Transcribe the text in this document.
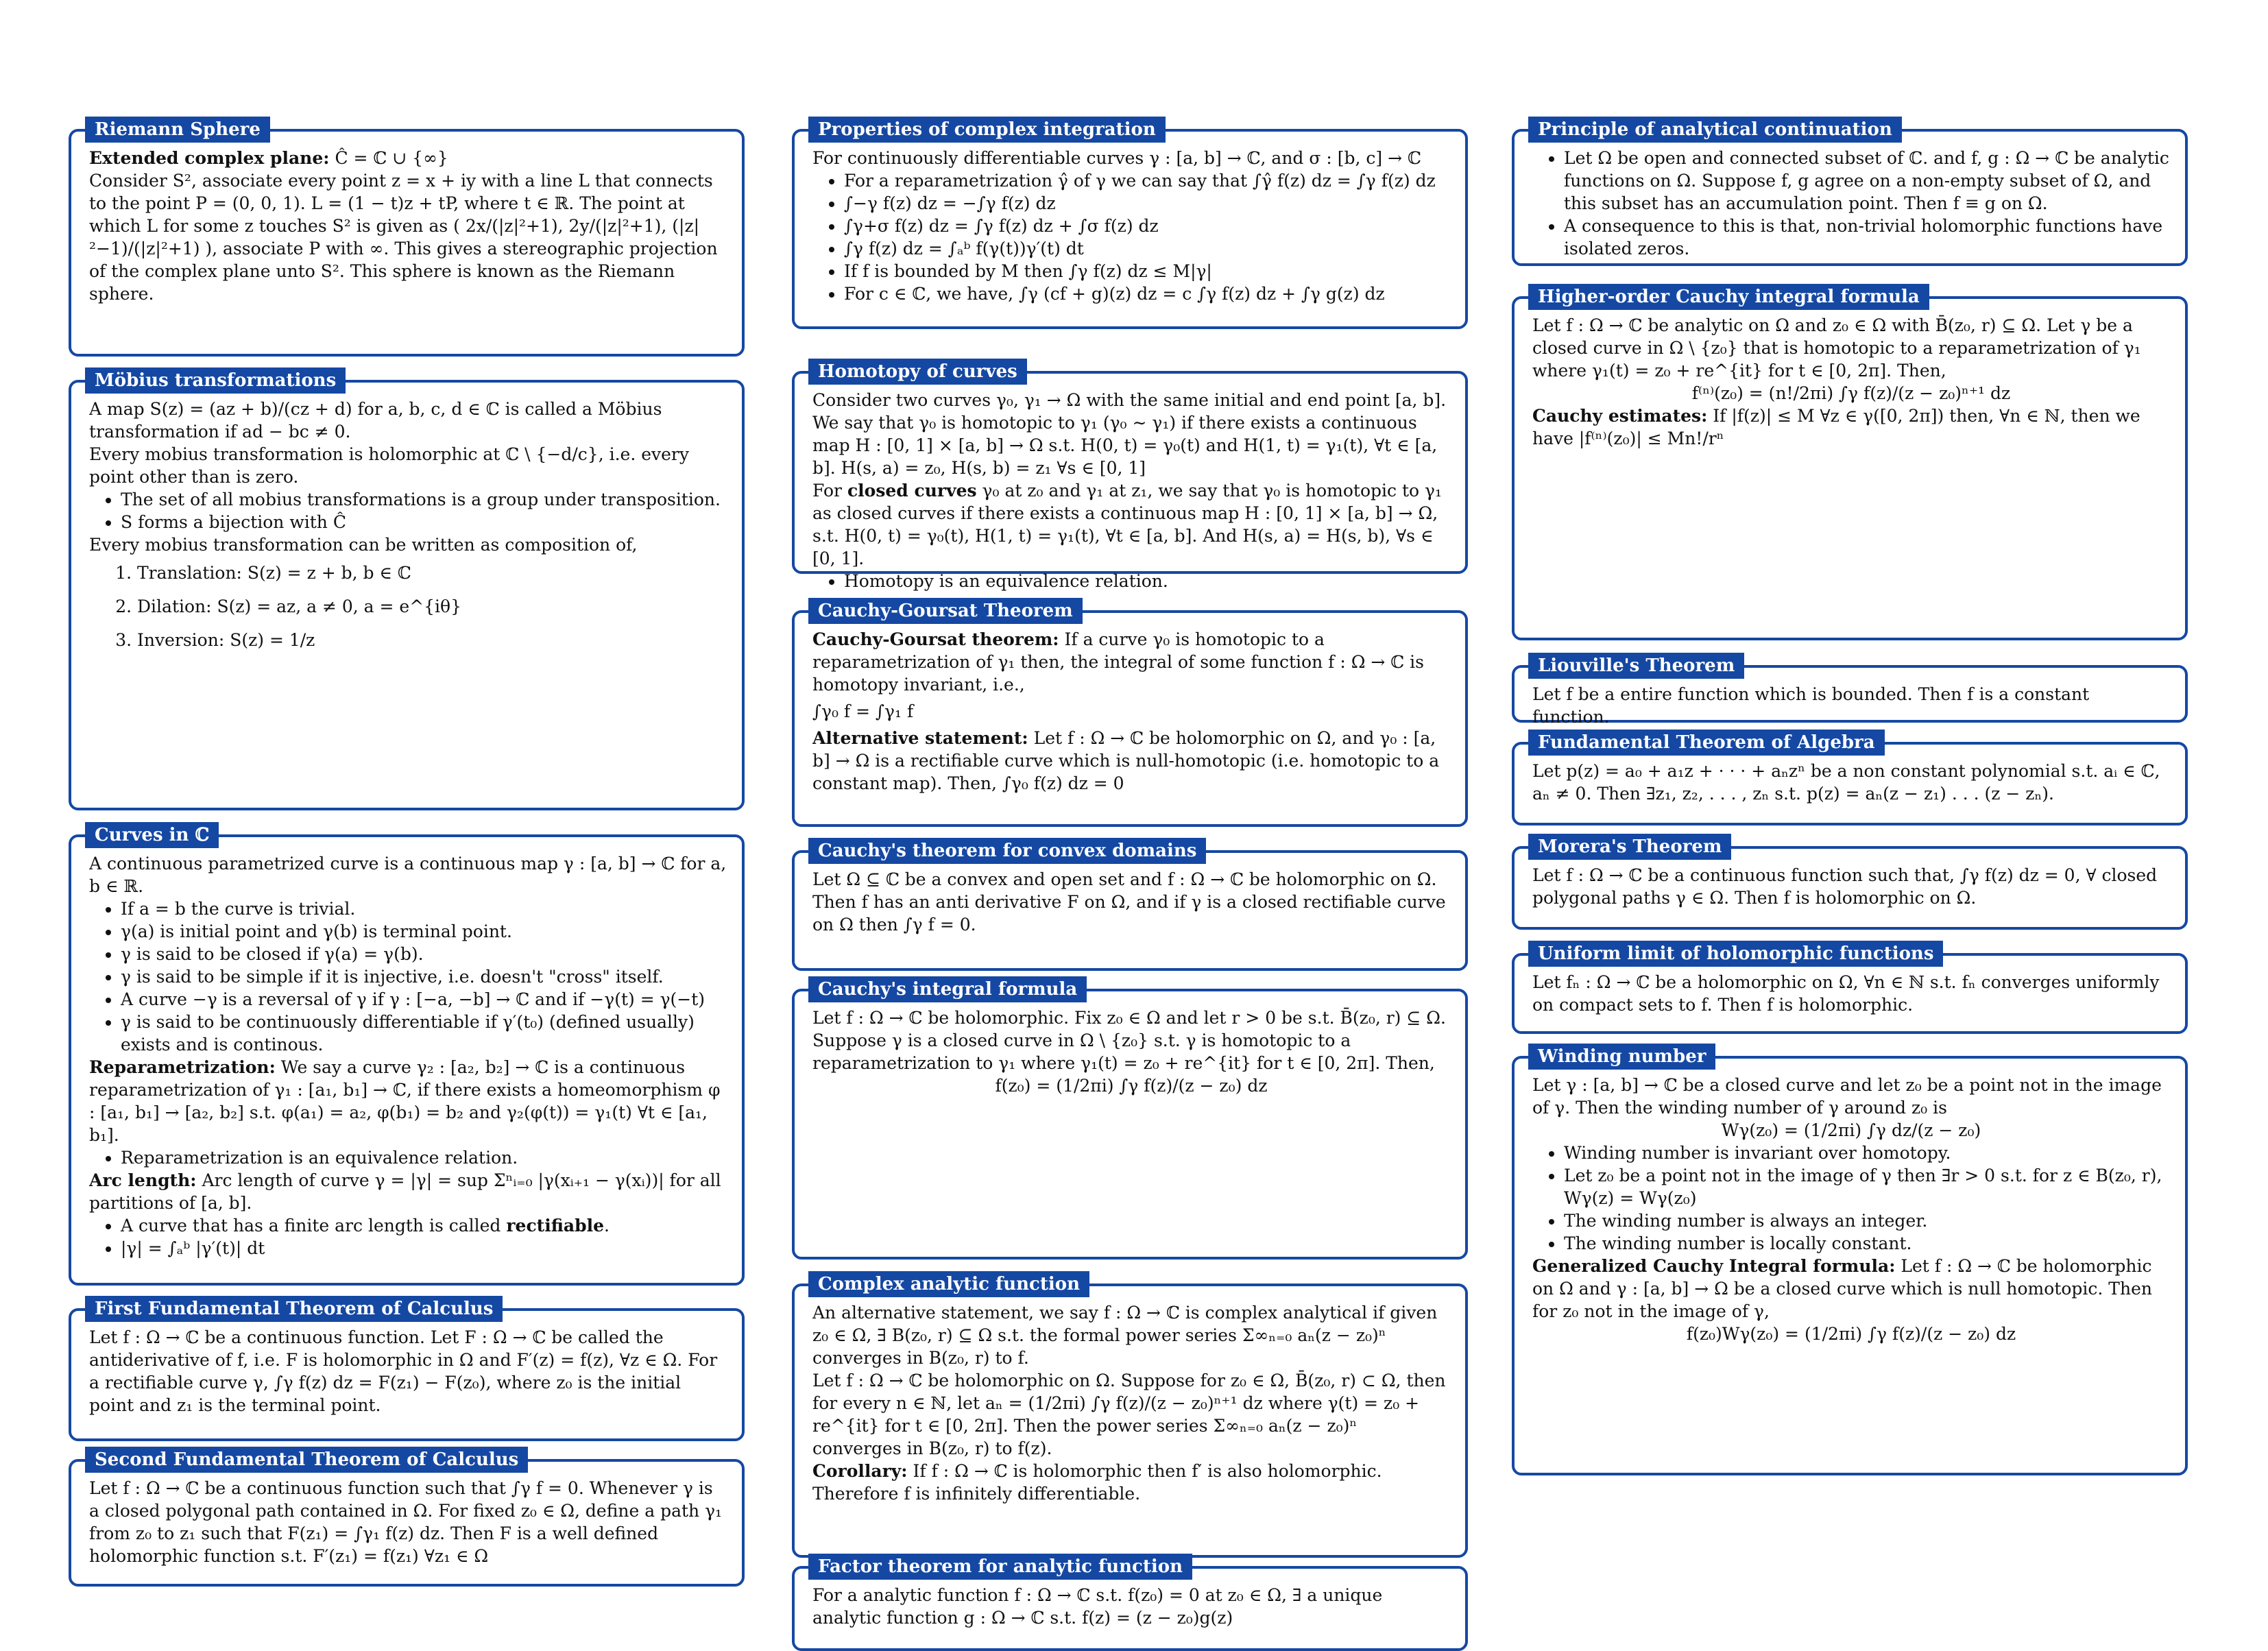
Riemann Sphere

Extended complex plane: Ĉ = ℂ ∪ {∞}

Consider S², associate every point z = x + iy with a line L that connects to the point P = (0, 0, 1). L = (1 − t)z + tP, where t ∈ ℝ. The point at which L for some z touches S² is given as ( 2x/(|z|²+1), 2y/(|z|²+1), (|z|²−1)/(|z|²+1) ), associate P with ∞. This gives a stereographic projection of the complex plane unto S². This sphere is known as the Riemann sphere.

Möbius transformations

A map S(z) = (az + b)/(cz + d) for a, b, c, d ∈ ℂ is called a Möbius transformation if ad − bc ≠ 0.

Every mobius transformation is holomorphic at ℂ \ {−d/c}, i.e. every point other than is zero.

• The set of all mobius transformations is a group under transposition.
• S forms a bijection with Ĉ

Every mobius transformation can be written as composition of,

1. Translation: S(z) = z + b, b ∈ ℂ
2. Dilation: S(z) = az, a ≠ 0, a = e^{iθ}
3. Inversion: S(z) = 1/z
Curves in ℂ

A continuous parametrized curve is a continuous map γ : [a, b] → ℂ for a, b ∈ ℝ.

• If a = b the curve is trivial.
• γ(a) is initial point and γ(b) is terminal point.
• γ is said to be closed if γ(a) = γ(b).
• γ is said to be simple if it is injective, i.e. doesn't "cross" itself.
• A curve −γ is a reversal of γ if γ : [−a, −b] → ℂ and if −γ(t) = γ(−t)
• γ is said to be continuously differentiable if γ′(t₀) (defined usually) exists and is continous.

Reparametrization: We say a curve γ₂ : [a₂, b₂] → ℂ is a continuous reparametrization of γ₁ : [a₁, b₁] → ℂ, if there exists a homeomorphism φ : [a₁, b₁] → [a₂, b₂] s.t. φ(a₁) = a₂, φ(b₁) = b₂ and γ₂(φ(t)) = γ₁(t) ∀t ∈ [a₁, b₁].

• Reparametrization is an equivalence relation.

Arc length: Arc length of curve γ = |γ| = sup Σⁿᵢ₌₀ |γ(xᵢ₊₁ − γ(xᵢ))| for all partitions of [a, b].

• A curve that has a finite arc length is called rectifiable.
• |γ| = ∫ₐᵇ |γ′(t)| dt
First Fundamental Theorem of Calculus

Let f : Ω → ℂ be a continuous function. Let F : Ω → ℂ be called the antiderivative of f, i.e. F is holomorphic in Ω and F′(z) = f(z), ∀z ∈ Ω. For a rectifiable curve γ, ∫γ f(z) dz = F(z₁) − F(z₀), where z₀ is the initial point and z₁ is the terminal point.

Second Fundamental Theorem of Calculus

Let f : Ω → ℂ be a continuous function such that ∫γ f = 0. Whenever γ is a closed polygonal path contained in Ω. For fixed z₀ ∈ Ω, define a path γ₁ from z₀ to z₁ such that F(z₁) = ∫γ₁ f(z) dz. Then F is a well defined holomorphic function s.t. F′(z₁) = f(z₁) ∀z₁ ∈ Ω

Properties of complex integration

For continuously differentiable curves γ : [a, b] → ℂ, and σ : [b, c] → ℂ

• For a reparametrization γ̂ of γ we can say that ∫γ̂ f(z) dz = ∫γ f(z) dz
• ∫−γ f(z) dz = −∫γ f(z) dz
• ∫γ+σ f(z) dz = ∫γ f(z) dz + ∫σ f(z) dz
• ∫γ f(z) dz = ∫ₐᵇ f(γ(t))γ′(t) dt
• If f is bounded by M then ∫γ f(z) dz ≤ M|γ|
• For c ∈ ℂ, we have, ∫γ (cf + g)(z) dz = c ∫γ f(z) dz + ∫γ g(z) dz
Homotopy of curves

Consider two curves γ₀, γ₁ → Ω with the same initial and end point [a, b]. We say that γ₀ is homotopic to γ₁ (γ₀ ∼ γ₁) if there exists a continuous map H : [0, 1] × [a, b] → Ω s.t. H(0, t) = γ₀(t) and H(1, t) = γ₁(t), ∀t ∈ [a, b]. H(s, a) = z₀, H(s, b) = z₁ ∀s ∈ [0, 1]

For closed curves γ₀ at z₀ and γ₁ at z₁, we say that γ₀ is homotopic to γ₁ as closed curves if there exists a continuous map H : [0, 1] × [a, b] → Ω, s.t. H(0, t) = γ₀(t), H(1, t) = γ₁(t), ∀t ∈ [a, b]. And H(s, a) = H(s, b), ∀s ∈ [0, 1].

• Homotopy is an equivalence relation.
Cauchy-Goursat Theorem

Cauchy-Goursat theorem: If a curve γ₀ is homotopic to a reparametrization of γ₁ then, the integral of some function f : Ω → ℂ is homotopy invariant, i.e.,

∫γ₀ f = ∫γ₁ f

Alternative statement: Let f : Ω → ℂ be holomorphic on Ω, and γ₀ : [a, b] → Ω is a rectifiable curve which is null-homotopic (i.e. homotopic to a constant map). Then, ∫γ₀ f(z) dz = 0

Cauchy's theorem for convex domains

Let Ω ⊆ ℂ be a convex and open set and f : Ω → ℂ be holomorphic on Ω. Then f has an anti derivative F on Ω, and if γ is a closed rectifiable curve on Ω then ∫γ f = 0.

Cauchy's integral formula

Let f : Ω → ℂ be holomorphic. Fix z₀ ∈ Ω and let r > 0 be s.t. B̄(z₀, r) ⊆ Ω. Suppose γ is a closed curve in Ω \ {z₀} s.t. γ is homotopic to a reparametrization to γ₁ where γ₁(t) = z₀ + re^{it} for t ∈ [0, 2π]. Then,

f(z₀) = (1/2πi) ∫γ f(z)/(z − z₀) dz

Complex analytic function

An alternative statement, we say f : Ω → ℂ is complex analytical if given z₀ ∈ Ω, ∃ B(z₀, r) ⊆ Ω s.t. the formal power series Σ∞ₙ₌₀ aₙ(z − z₀)ⁿ converges in B(z₀, r) to f.

Let f : Ω → ℂ be holomorphic on Ω. Suppose for z₀ ∈ Ω, B̄(z₀, r) ⊂ Ω, then for every n ∈ ℕ, let aₙ = (1/2πi) ∫γ f(z)/(z − z₀)ⁿ⁺¹ dz where γ(t) = z₀ + re^{it} for t ∈ [0, 2π]. Then the power series Σ∞ₙ₌₀ aₙ(z − z₀)ⁿ converges in B(z₀, r) to f(z).

Corollary: If f : Ω → ℂ is holomorphic then f′ is also holomorphic. Therefore f is infinitely differentiable.

Factor theorem for analytic function

For a analytic function f : Ω → ℂ s.t. f(z₀) = 0 at z₀ ∈ Ω, ∃ a unique analytic function g : Ω → ℂ s.t. f(z) = (z − z₀)g(z)

Principle of analytical continuation
• Let Ω be open and connected subset of ℂ. and f, g : Ω → ℂ be analytic functions on Ω. Suppose f, g agree on a non-empty subset of Ω, and this subset has an accumulation point. Then f ≡ g on Ω.
• A consequence to this is that, non-trivial holomorphic functions have isolated zeros.
Higher-order Cauchy integral formula

Let f : Ω → ℂ be analytic on Ω and z₀ ∈ Ω with B̄(z₀, r) ⊆ Ω. Let γ be a closed curve in Ω \ {z₀} that is homotopic to a reparametrization of γ₁ where γ₁(t) = z₀ + re^{it} for t ∈ [0, 2π]. Then,

f⁽ⁿ⁾(z₀) = (n!/2πi) ∫γ f(z)/(z − z₀)ⁿ⁺¹ dz

Cauchy estimates: If |f(z)| ≤ M ∀z ∈ γ([0, 2π]) then, ∀n ∈ ℕ, then we have |f⁽ⁿ⁾(z₀)| ≤ Mn!/rⁿ

Liouville's Theorem

Let f be a entire function which is bounded. Then f is a constant function.

Fundamental Theorem of Algebra

Let p(z) = a₀ + a₁z + · · · + aₙzⁿ be a non constant polynomial s.t. aᵢ ∈ ℂ, aₙ ≠ 0. Then ∃z₁, z₂, . . . , zₙ s.t. p(z) = aₙ(z − z₁) . . . (z − zₙ).

Morera's Theorem

Let f : Ω → ℂ be a continuous function such that, ∫γ f(z) dz = 0, ∀ closed polygonal paths γ ∈ Ω. Then f is holomorphic on Ω.

Uniform limit of holomorphic functions

Let fₙ : Ω → ℂ be a holomorphic on Ω, ∀n ∈ ℕ s.t. fₙ converges uniformly on compact sets to f. Then f is holomorphic.

Winding number

Let γ : [a, b] → ℂ be a closed curve and let z₀ be a point not in the image of γ. Then the winding number of γ around z₀ is

Wγ(z₀) = (1/2πi) ∫γ dz/(z − z₀)

• Winding number is invariant over homotopy.
• Let z₀ be a point not in the image of γ then ∃r > 0 s.t. for z ∈ B(z₀, r), Wγ(z) = Wγ(z₀)
• The winding number is always an integer.
• The winding number is locally constant.

Generalized Cauchy Integral formula: Let f : Ω → ℂ be holomorphic on Ω and γ : [a, b] → Ω be a closed curve which is null homotopic. Then for z₀ not in the image of γ,

f(z₀)Wγ(z₀) = (1/2πi) ∫γ f(z)/(z − z₀) dz
